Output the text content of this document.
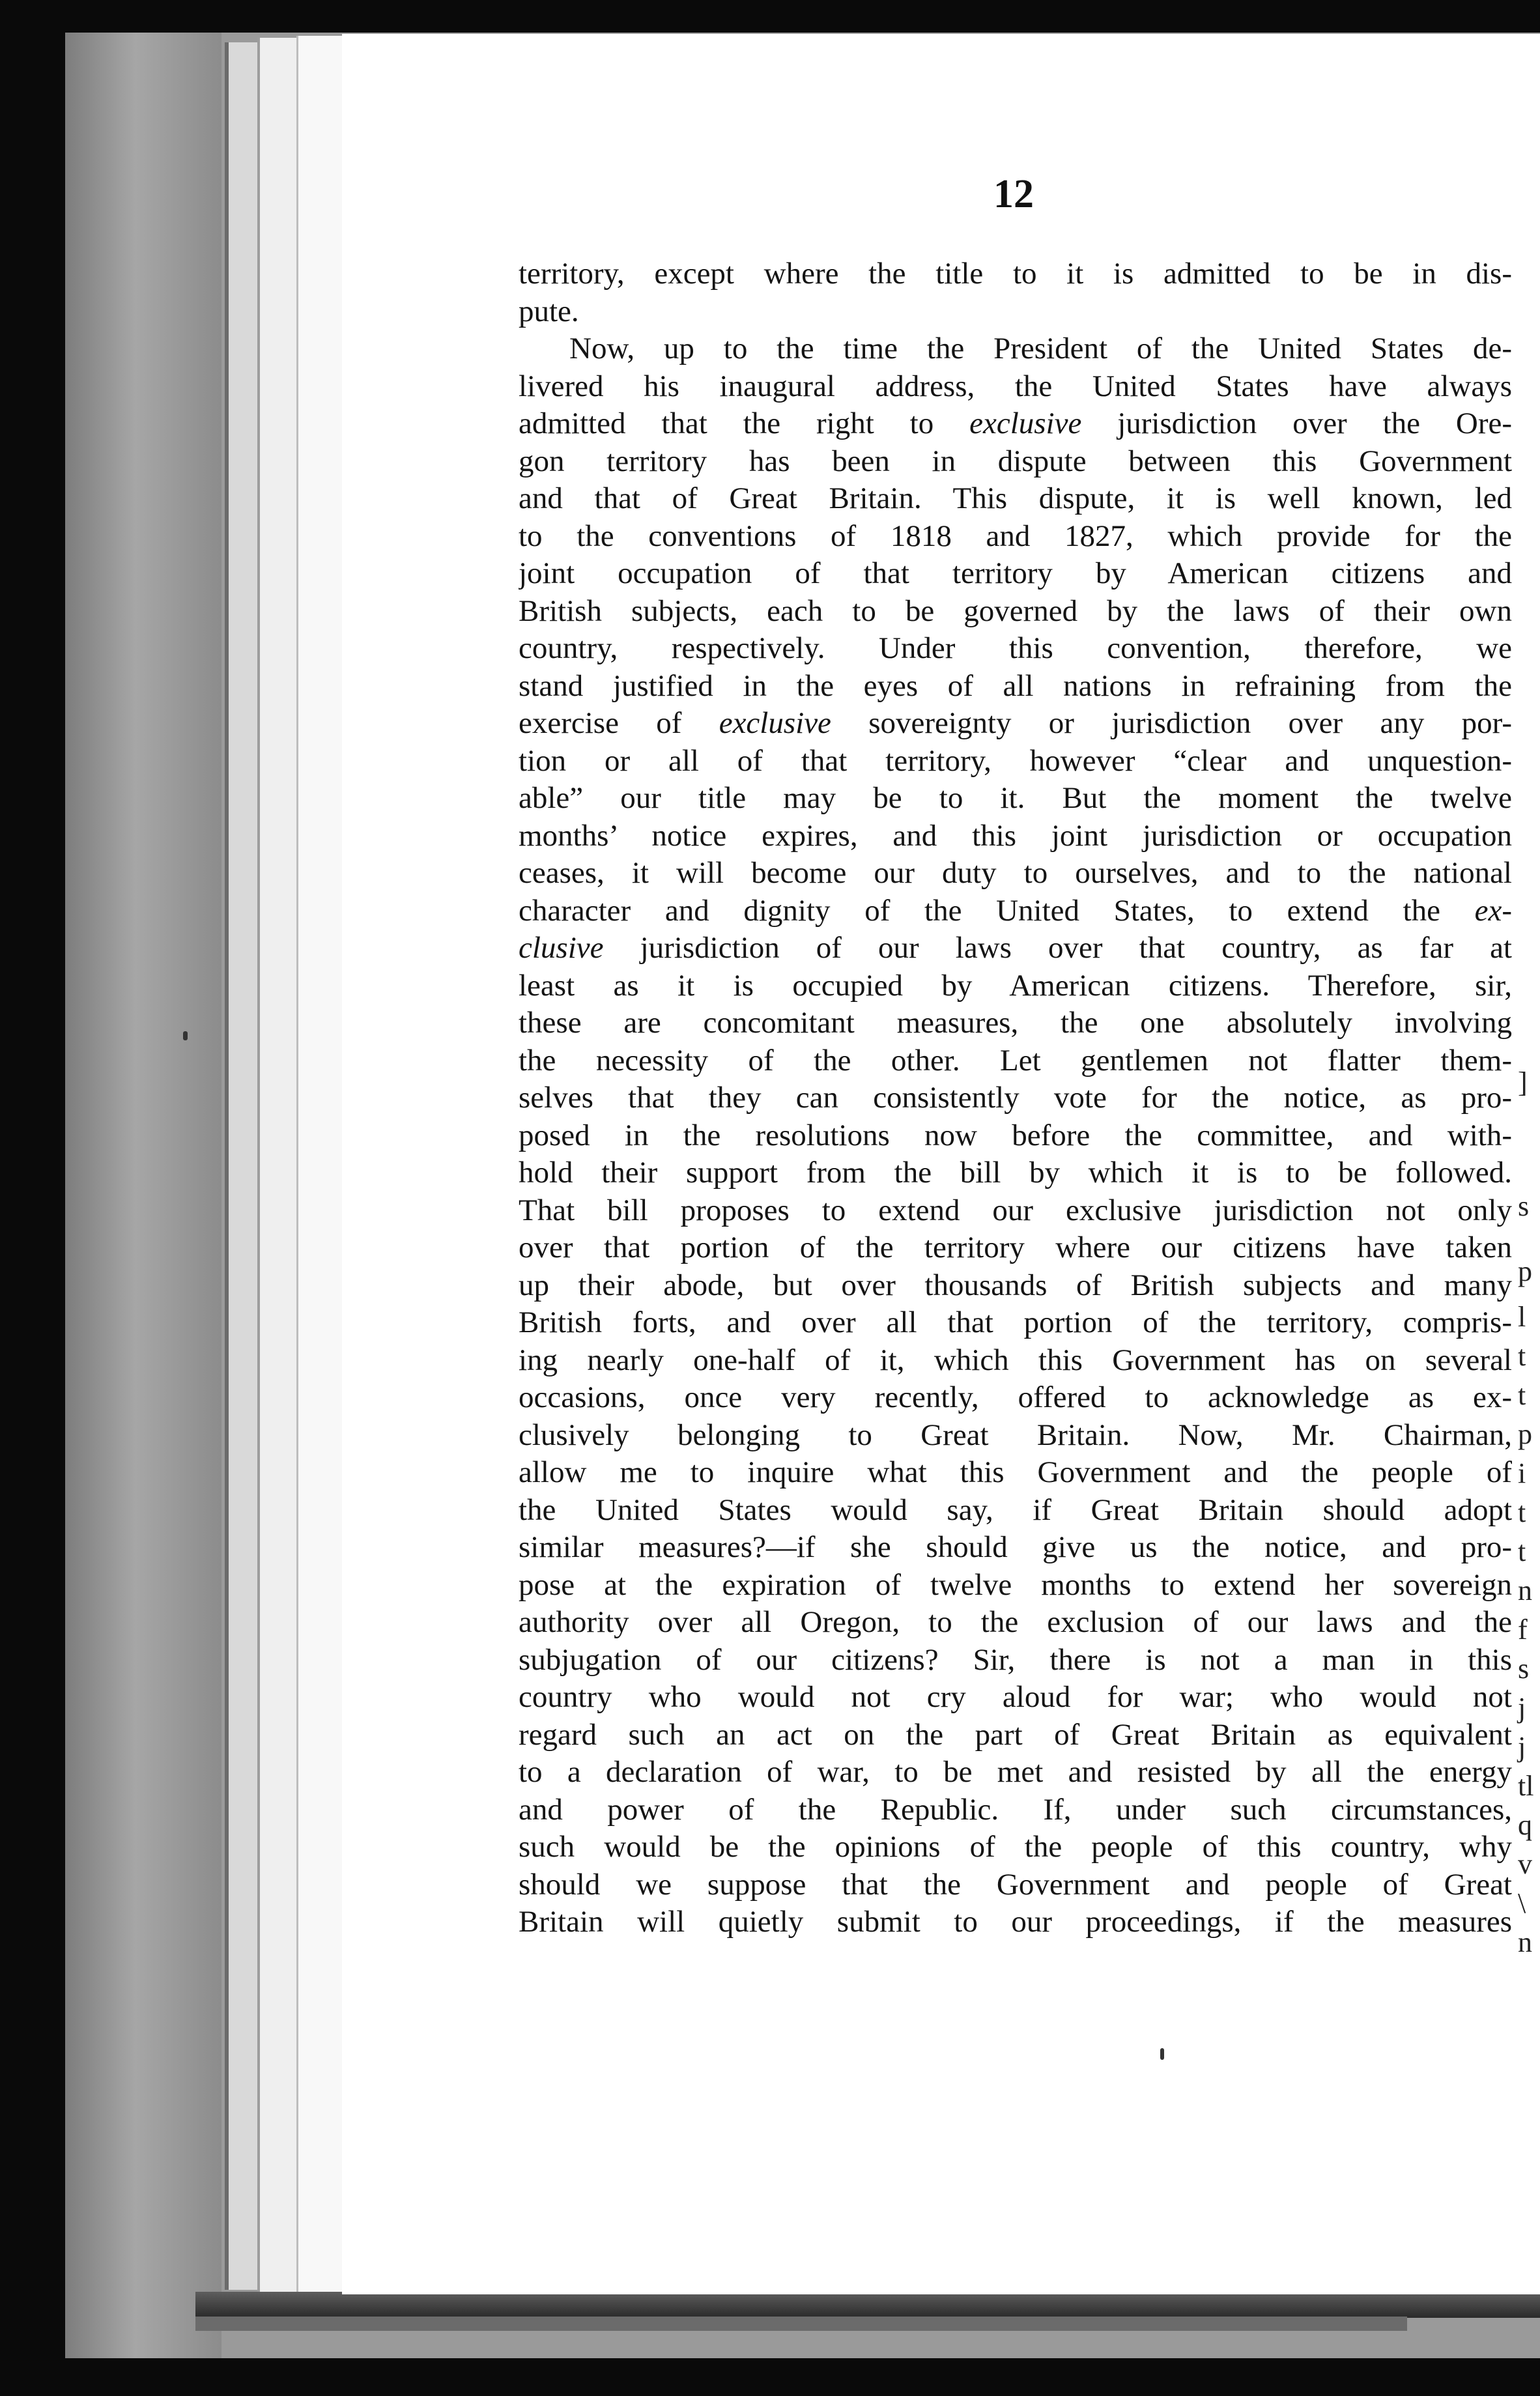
12
territory, except where the title to it is admitted to be in dis-
pute.
Now, up to the time the President of the United States de-
livered his inaugural address, the United States have always
admitted that the right to exclusive jurisdiction over the Ore-
gon territory has been in dispute between this Government
and that of Great Britain. This dispute, it is well known, led
to the conventions of 1818 and 1827, which provide for the
joint occupation of that territory by American citizens and
British subjects, each to be governed by the laws of their own
country, respectively. Under this convention, therefore, we
stand justified in the eyes of all nations in refraining from the
exercise of exclusive sovereignty or jurisdiction over any por-
tion or all of that territory, however “clear and unquestion-
able” our title may be to it. But the moment the twelve
months’ notice expires, and this joint jurisdiction or occupation
ceases, it will become our duty to ourselves, and to the national
character and dignity of the United States, to extend the ex-
clusive jurisdiction of our laws over that country, as far at
least as it is occupied by American citizens. Therefore, sir,
these are concomitant measures, the one absolutely involving
the necessity of the other. Let gentlemen not flatter them-
selves that they can consistently vote for the notice, as pro-
posed in the resolutions now before the committee, and with-
hold their support from the bill by which it is to be followed.
That bill proposes to extend our exclusive jurisdiction not only
over that portion of the territory where our citizens have taken
up their abode, but over thousands of British subjects and many
British forts, and over all that portion of the territory, compris-
ing nearly one-half of it, which this Government has on several
occasions, once very recently, offered to acknowledge as ex-
clusively belonging to Great Britain. Now, Mr. Chairman,
allow me to inquire what this Government and the people of
the United States would say, if Great Britain should adopt
similar measures?—if she should give us the notice, and pro-
pose at the expiration of twelve months to extend her sovereign
authority over all Oregon, to the exclusion of our laws and the
subjugation of our citizens? Sir, there is not a man in this
country who would not cry aloud for war; who would not
regard such an act on the part of Great Britain as equivalent
to a declaration of war, to be met and resisted by all the energy
and power of the Republic. If, under such circumstances,
such would be the opinions of the people of this country, why
should we suppose that the Government and people of Great
Britain will quietly submit to our proceedings, if the measures
]
s
p
l
t
t
p
i
t
t
n
f
s
j
j
tl
q
v
\
n
